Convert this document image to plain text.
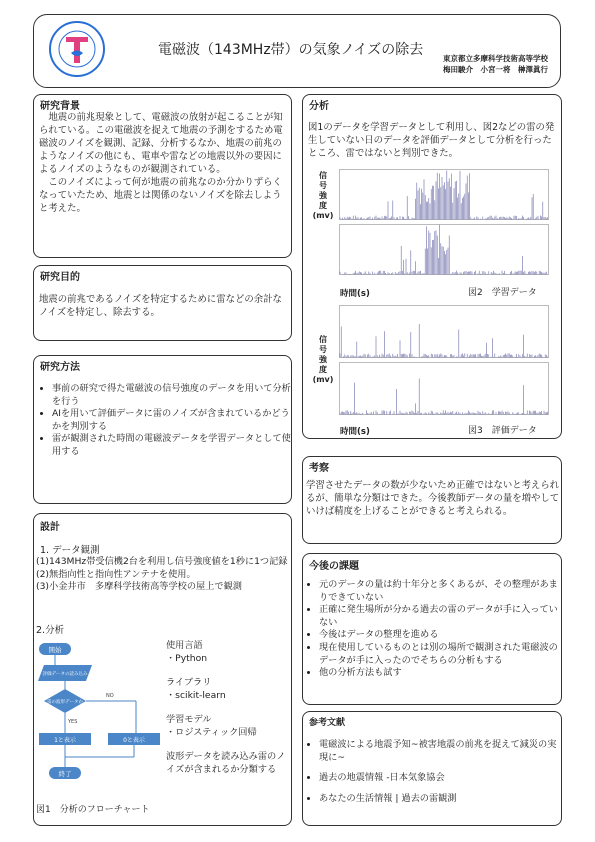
電磁波（143MHz帯）の気象ノイズの除去
東京都立多摩科学技術高等学校
梅田駿介　小宮一将　榊澤眞行
研究背景

地震の前兆現象として、電磁波の放射が起こることが知られている。この電磁波を捉えて地震の予測をするため電磁波のノイズを観測、記録、分析するなか、地震の前兆のようなノイズの他にも、電車や雷などの地震以外の要因によるノイズのようなものが観測されている。

このノイズによって何が地震の前兆なのか分かりずらくなっていたため、地震とは関係のないノイズを除去しようと考えた。

研究目的

地震の前兆であるノイズを特定するために雷などの余計なノイズを特定し、除去する。

研究方法
• 事前の研究で得た電磁波の信号強度のデータを用いて分析を行う
• AIを用いて評価データに雷のノイズが含まれているかどうかを判別する
• 雷が観測された時間の電磁波データを学習データとして使用する
設計
1. データ観測
(1)143MHz帯受信機2台を利用し信号強度値を1秒に1つ記録
(2)無指向性と指向性アンテナを使用。
(3)小金井市　多摩科学技術高等学校の屋上で観測
2.分析
開始
評価データの読み込み
雷の波形データか
NO
YES
1と表示	0と表示
終了
使用言語
・Python
ライブラリ
・scikit-learn
学習モデル
・ロジスティック回帰
波形データを読み込み雷のノイズが含まれるか分類する
図1　分析のフローチャート
分析

図1のデータを学習データとして利用し、図2などの雷の発生していない日のデータを評価データとして分析を行ったところ、雷ではないと判別できた。

信
号
強
度
(mv)
時間(s)	図2　学習データ
信
号
強
度
(mv)
時間(s)	図3　評価データ
考察

学習させたデータの数が少ないため正確ではないと考えられるが、簡単な分類はできた。今後教師データの量を増やしていけば精度を上げることができると考えられる。

今後の課題
• 元のデータの量は約十年分と多くあるが、その整理があまりできていない
• 正確に発生場所が分かる過去の雷のデータが手に入っていない
• 今後はデータの整理を進める
• 現在使用しているものとは別の場所で観測された電磁波のデータが手に入ったのでそちらの分析もする
• 他の分析方法も試す
参考文献
• 電磁波による地震予知~被害地震の前兆を捉えて減災の実現に~
• 過去の地震情報 -日本気象協会
• あなたの生活情報 | 過去の雷観測
